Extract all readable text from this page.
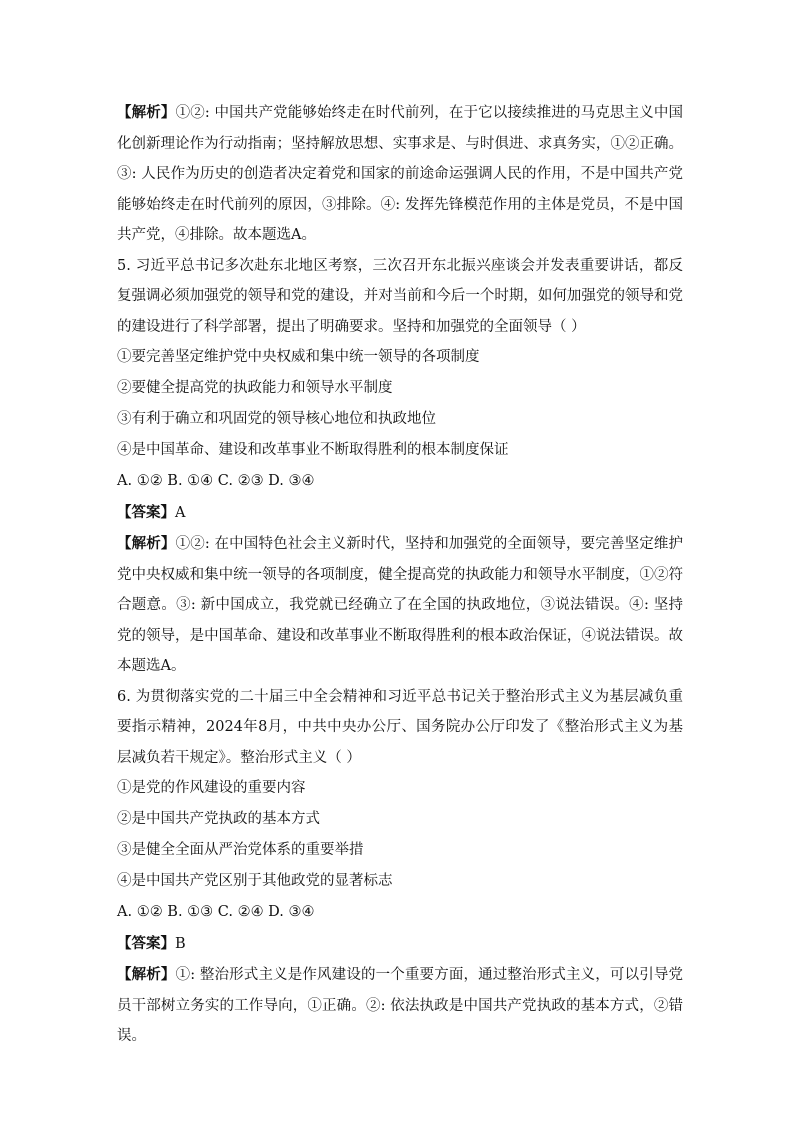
【解析】①②: 中国共产党能够始终走在时代前列，在于它以接续推进的马克思主义中国化创新理论作为行动指南；坚持解放思想、实事求是、与时俱进、求真务实，①②正确。③: 人民作为历史的创造者决定着党和国家的前途命运强调人民的作用，不是中国共产党能够始终走在时代前列的原因，③排除。④: 发挥先锋模范作用的主体是党员，不是中国共产党，④排除。故本题选A。

5. 习近平总书记多次赴东北地区考察，三次召开东北振兴座谈会并发表重要讲话，都反复强调必须加强党的领导和党的建设，并对当前和今后一个时期，如何加强党的领导和党的建设进行了科学部署，提出了明确要求。坚持和加强党的全面领导（ ）

①要完善坚定维护党中央权威和集中统一领导的各项制度

②要健全提高党的执政能力和领导水平制度

③有利于确立和巩固党的领导核心地位和执政地位

④是中国革命、建设和改革事业不断取得胜利的根本制度保证

A. ①② B. ①④ C. ②③ D. ③④

【答案】A

【解析】①②: 在中国特色社会主义新时代，坚持和加强党的全面领导，要完善坚定维护党中央权威和集中统一领导的各项制度，健全提高党的执政能力和领导水平制度，①②符合题意。③: 新中国成立，我党就已经确立了在全国的执政地位，③说法错误。④: 坚持党的领导，是中国革命、建设和改革事业不断取得胜利的根本政治保证，④说法错误。故本题选A。

6. 为贯彻落实党的二十届三中全会精神和习近平总书记关于整治形式主义为基层减负重要指示精神，2024年8月，中共中央办公厅、国务院办公厅印发了《整治形式主义为基层减负若干规定》。整治形式主义（ ）

①是党的作风建设的重要内容

②是中国共产党执政的基本方式

③是健全全面从严治党体系的重要举措

④是中国共产党区别于其他政党的显著标志

A. ①② B. ①③ C. ②④ D. ③④

【答案】B

【解析】①: 整治形式主义是作风建设的一个重要方面，通过整治形式主义，可以引导党员干部树立务实的工作导向，①正确。②: 依法执政是中国共产党执政的基本方式，②错误。
